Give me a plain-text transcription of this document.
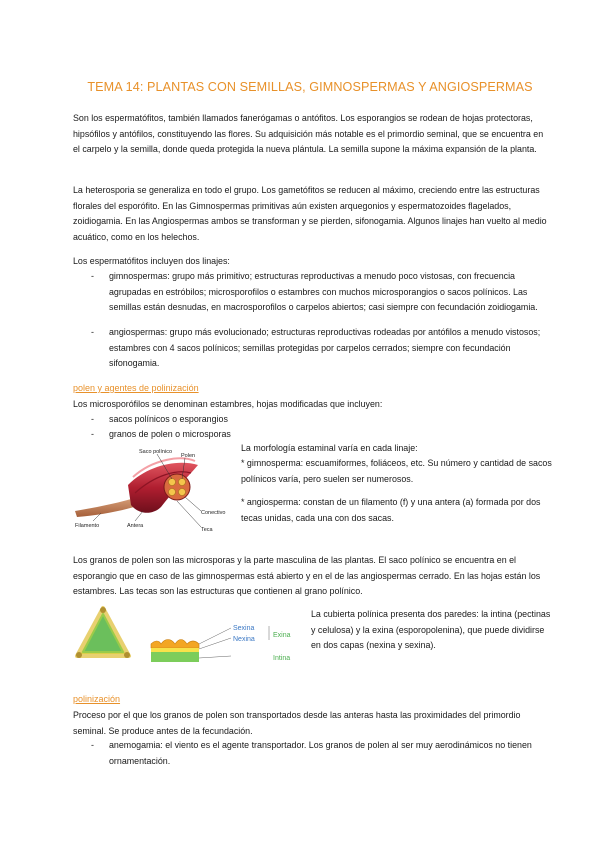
TEMA 14: PLANTAS CON SEMILLAS, GIMNOSPERMAS Y ANGIOSPERMAS

Son los espermatófitos, también llamados fanerógamas o antófitos. Los esporangios se rodean de hojas protectoras, hipsófilos y antófilos, constituyendo las flores. Su adquisición más notable es el primordio seminal, que se encuentra en el carpelo y la semilla, donde queda protegida la nueva plántula. La semilla supone la máxima expansión de la planta.

La heterosporia se generaliza en todo el grupo. Los gametófitos se reducen al máximo, creciendo entre las estructuras florales del esporófito. En las Gimnospermas primitivas aún existen arquegonios y espermatozoides flagelados, zoidiogamia. En las Angiospermas ambos se transforman y se pierden, sifonogamia. Algunos linajes han vuelto al medio acuático, como en los helechos.

Los espermatófitos incluyen dos linajes:

- gimnospermas: grupo más primitivo; estructuras reproductivas a menudo poco vistosas, con frecuencia agrupadas en estróbilos; microsporofilos o estambres con muchos microsporangios o sacos polínicos. Las semillas están desnudas, en macrosporofilos o carpelos abiertos; casi siempre con fecundación zoidiogamia.

- angiospermas: grupo más evolucionado; estructuras reproductivas rodeadas por antófilos a menudo vistosos; estambres con 4 sacos polínicos; semillas protegidas por carpelos cerrados; siempre con fecundación sifonogamia.

polen y agentes de polinización

Los microsporófilos se denominan estambres, hojas modificadas que incluyen:

- sacos polínicos o esporangios

- granos de polen o microsporas

Saco polínico
Polen
Conectivo
Filamento	Antera
Teca

La morfología estaminal varía en cada linaje:

* gimnosperma: escuamiformes, foliáceos, etc. Su número y cantidad de sacos polínicos varía, pero suelen ser numerosos.

* angiosperma: constan de un filamento (f) y una antera (a) formada por dos tecas unidas, cada una con dos sacas.

Los granos de polen son las microsporas y la parte masculina de las plantas. El saco polínico se encuentra en el esporangio que en caso de las gimnospermas está abierto y en el de las angiospermas cerrado. En las hojas están los estambres. Las tecas son las estructuras que contienen al grano polínico.

Sexina
Nexina
Exina
Intina

La cubierta polínica presenta dos paredes: la intina (pectinas y celulosa) y la exina (esporopolenina), que puede dividirse en dos capas (nexina y sexina).

polinización

Proceso por el que los granos de polen son transportados desde las anteras hasta las proximidades del primordio seminal. Se produce antes de la fecundación.

- anemogamia: el viento es el agente transportador. Los granos de polen al ser muy aerodinámicos no tienen ornamentación.
